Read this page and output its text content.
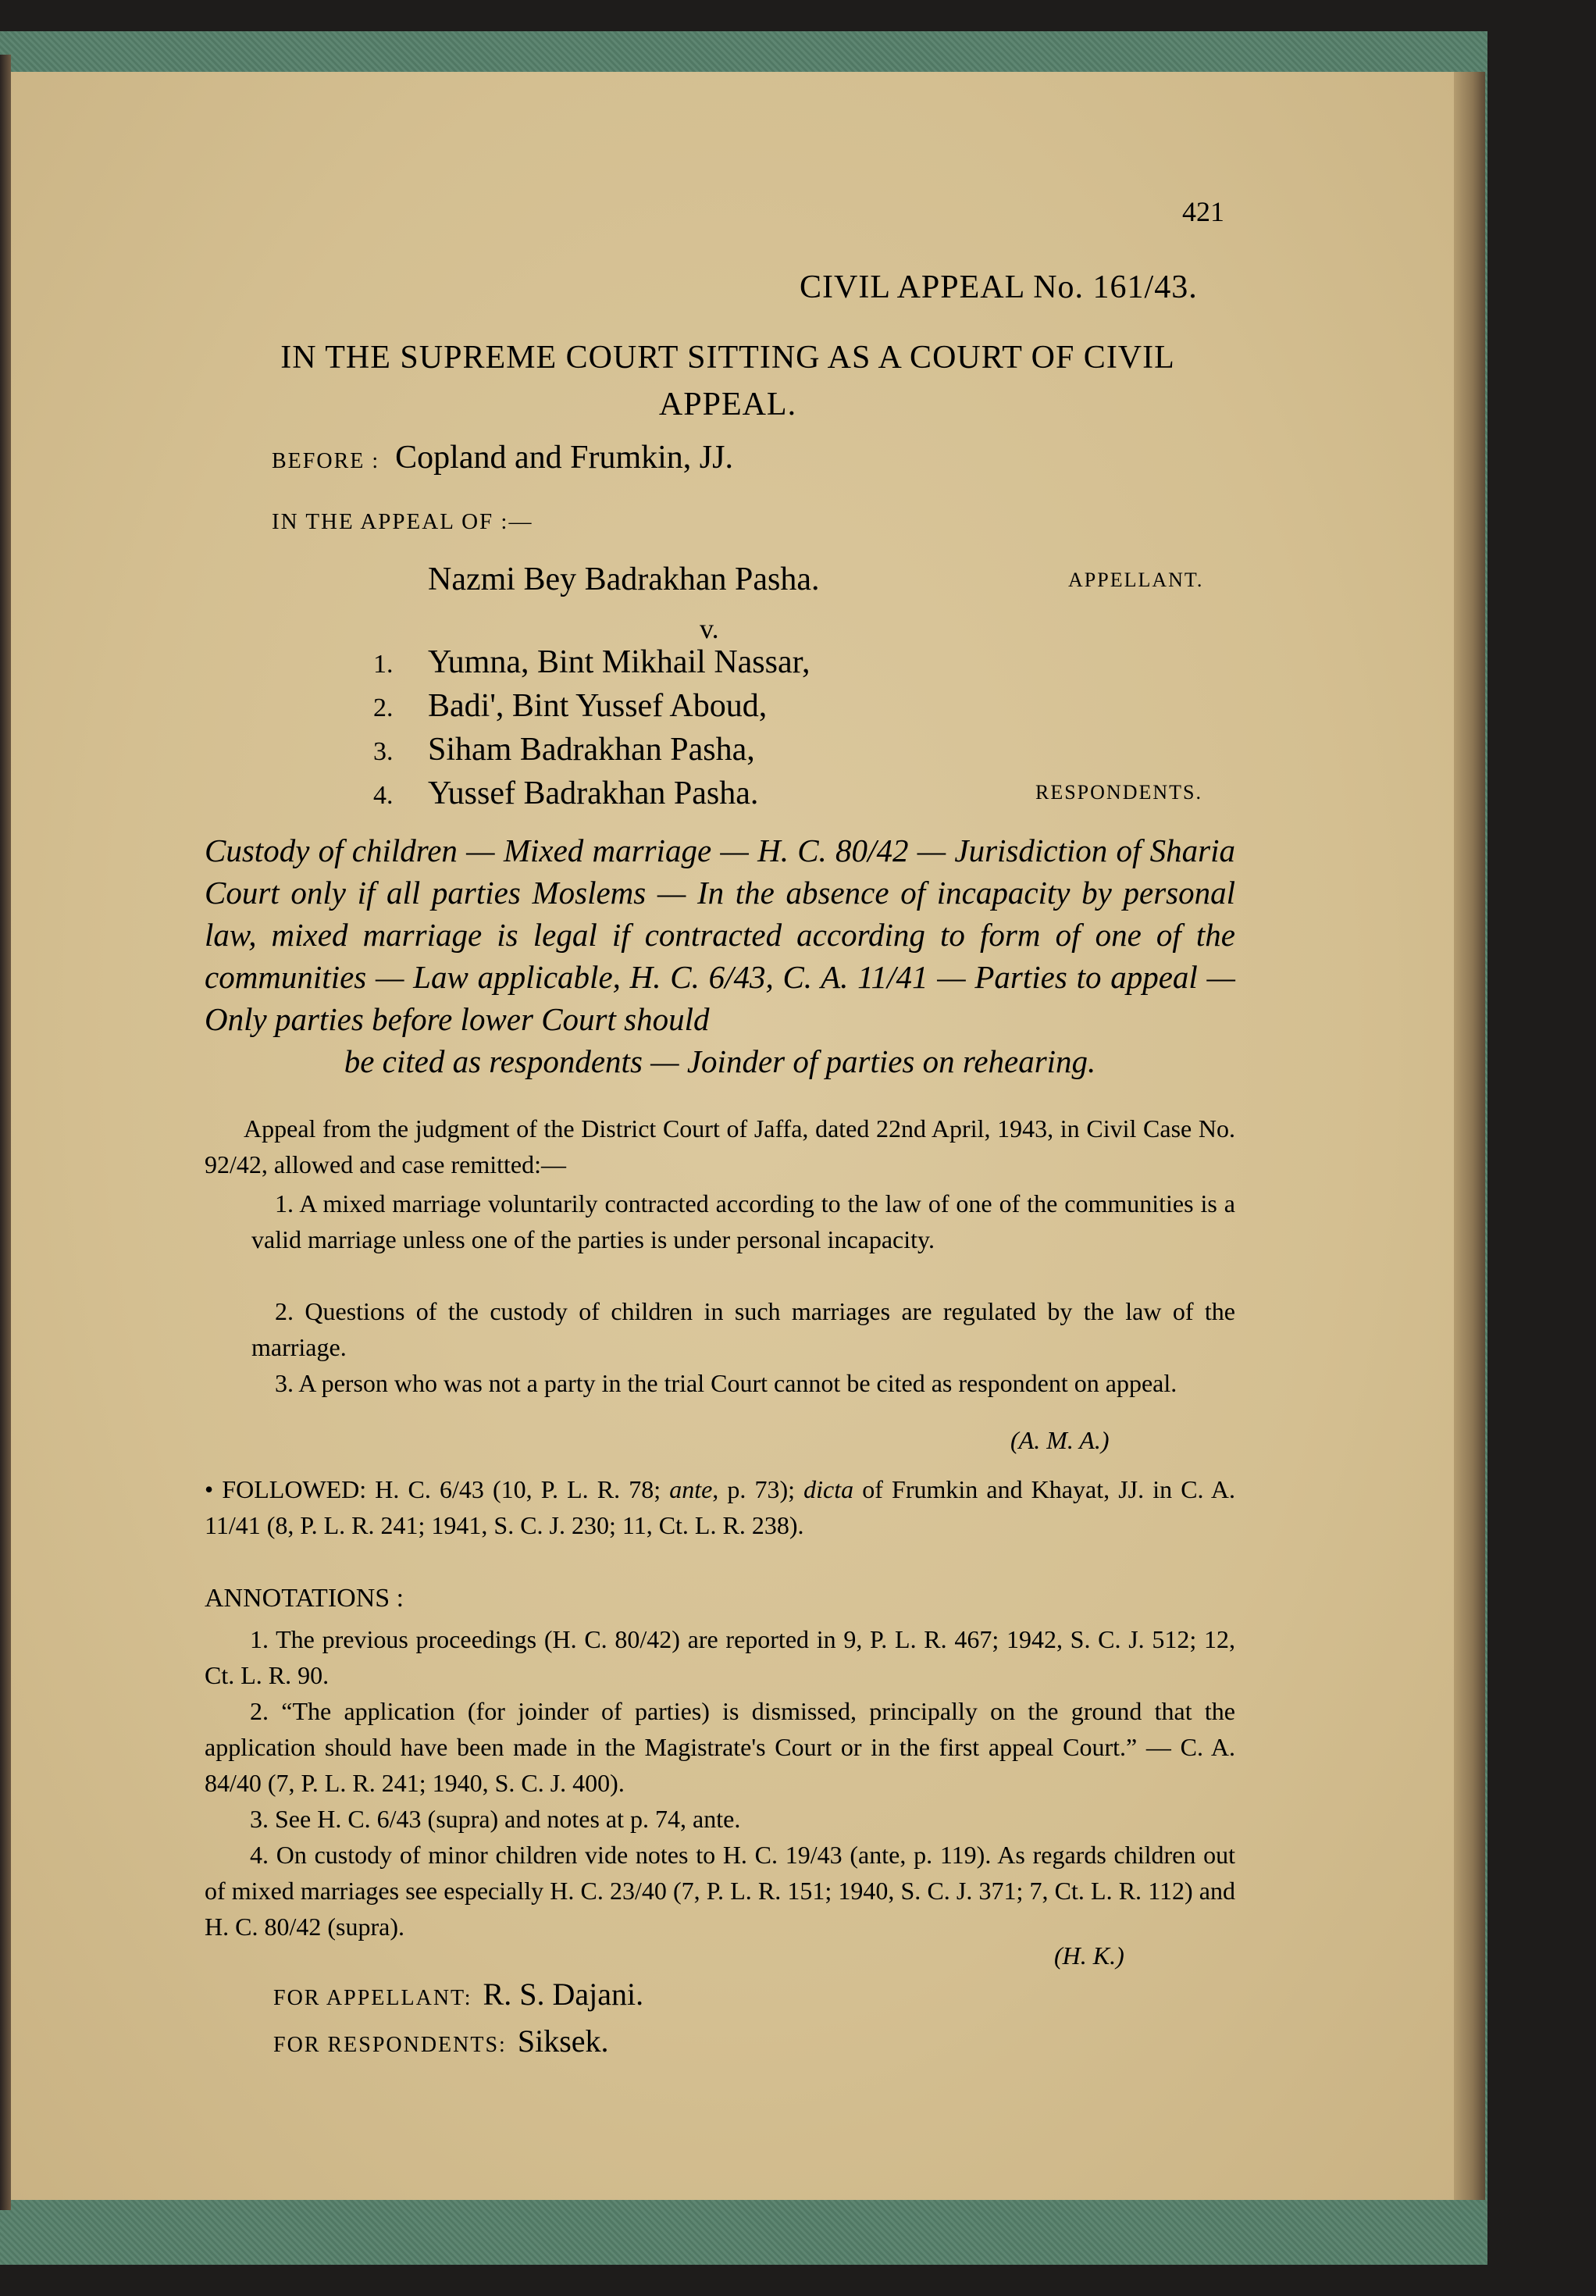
421
CIVIL APPEAL No. 161/43.
IN THE SUPREME COURT SITTING AS A COURT OF CIVIL APPEAL.
BEFORE : Copland and Frumkin, JJ.
IN THE APPEAL OF :—
Nazmi Bey Badrakhan Pasha.	APPELLANT.
v.
1. Yumna, Bint Mikhail Nassar,
2. Badi', Bint Yussef Aboud,
3. Siham Badrakhan Pasha,
4. Yussef Badrakhan Pasha.	RESPONDENTS.
Custody of children — Mixed marriage — H. C. 80/42 — Jurisdiction of Sharia Court only if all parties Moslems — In the absence of incapacity by personal law, mixed marriage is legal if contracted according to form of one of the communities — Law applicable, H. C. 6/43, C. A. 11/41 — Parties to appeal — Only parties before lower Court should
be cited as respondents — Joinder of parties on rehearing.
Appeal from the judgment of the District Court of Jaffa, dated 22nd April, 1943, in Civil Case No. 92/42, allowed and case remitted:—
1. A mixed marriage voluntarily contracted according to the law of one of the communities is a valid marriage unless one of the parties is under personal incapacity.
2. Questions of the custody of children in such marriages are regulated by the law of the marriage.
3. A person who was not a party in the trial Court cannot be cited as respondent on appeal.
(A. M. A.)
• FOLLOWED: H. C. 6/43 (10, P. L. R. 78; ante, p. 73); dicta of Frumkin and Khayat, JJ. in C. A. 11/41 (8, P. L. R. 241; 1941, S. C. J. 230; 11, Ct. L. R. 238).
ANNOTATIONS :
1. The previous proceedings (H. C. 80/42) are reported in 9, P. L. R. 467; 1942, S. C. J. 512; 12, Ct. L. R. 90.
2. “The application (for joinder of parties) is dismissed, principally on the ground that the application should have been made in the Magistrate's Court or in the first appeal Court.” — C. A. 84/40 (7, P. L. R. 241; 1940, S. C. J. 400).
3. See H. C. 6/43 (supra) and notes at p. 74, ante.
4. On custody of minor children vide notes to H. C. 19/43 (ante, p. 119). As regards children out of mixed marriages see especially H. C. 23/40 (7, P. L. R. 151; 1940, S. C. J. 371; 7, Ct. L. R. 112) and H. C. 80/42 (supra).
(H. K.)
FOR APPELLANT: R. S. Dajani.
FOR RESPONDENTS: Siksek.
